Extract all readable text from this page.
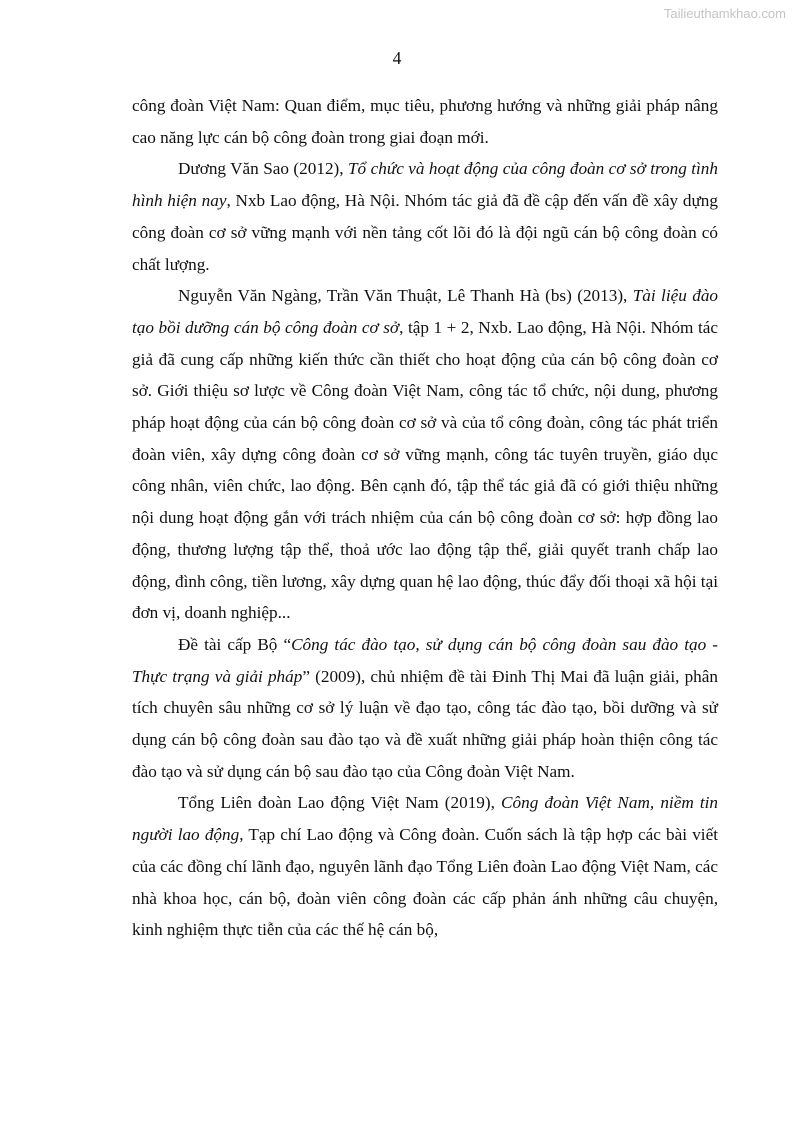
Tailieuthamkhao.com
4

công đoàn Việt Nam: Quan điểm, mục tiêu, phương hướng và những giải pháp nâng cao năng lực cán bộ công đoàn trong giai đoạn mới.

Dương Văn Sao (2012), Tổ chức và hoạt động của công đoàn cơ sở trong tình hình hiện nay, Nxb Lao động, Hà Nội. Nhóm tác giả đã đề cập đến vấn đề xây dựng công đoàn cơ sở vững mạnh với nền tảng cốt lõi đó là đội ngũ cán bộ công đoàn có chất lượng.

Nguyễn Văn Ngàng, Trần Văn Thuật, Lê Thanh Hà (bs) (2013), Tài liệu đào tạo bồi dưỡng cán bộ công đoàn cơ sở, tập 1 + 2, Nxb. Lao động, Hà Nội. Nhóm tác giả đã cung cấp những kiến thức cần thiết cho hoạt động của cán bộ công đoàn cơ sở. Giới thiệu sơ lược về Công đoàn Việt Nam, công tác tổ chức, nội dung, phương pháp hoạt động của cán bộ công đoàn cơ sở và của tổ công đoàn, công tác phát triển đoàn viên, xây dựng công đoàn cơ sở vững mạnh, công tác tuyên truyền, giáo dục công nhân, viên chức, lao động. Bên cạnh đó, tập thể tác giả đã có giới thiệu những nội dung hoạt động gắn với trách nhiệm của cán bộ công đoàn cơ sở: hợp đồng lao động, thương lượng tập thể, thoả ước lao động tập thể, giải quyết tranh chấp lao động, đình công, tiền lương, xây dựng quan hệ lao động, thúc đẩy đối thoại xã hội tại đơn vị, doanh nghiệp...

Đề tài cấp Bộ “Công tác đào tạo, sử dụng cán bộ công đoàn sau đào tạo - Thực trạng và giải pháp” (2009), chủ nhiệm đề tài Đinh Thị Mai đã luận giải, phân tích chuyên sâu những cơ sở lý luận về đạo tạo, công tác đào tạo, bồi dưỡng và sử dụng cán bộ công đoàn sau đào tạo và đề xuất những giải pháp hoàn thiện công tác đào tạo và sử dụng cán bộ sau đào tạo của Công đoàn Việt Nam.

Tổng Liên đoàn Lao động Việt Nam (2019), Công đoàn Việt Nam, niềm tin người lao động, Tạp chí Lao động và Công đoàn. Cuốn sách là tập hợp các bài viết của các đồng chí lãnh đạo, nguyên lãnh đạo Tổng Liên đoàn Lao động Việt Nam, các nhà khoa học, cán bộ, đoàn viên công đoàn các cấp phản ánh những câu chuyện, kinh nghiệm thực tiễn của các thế hệ cán bộ,
